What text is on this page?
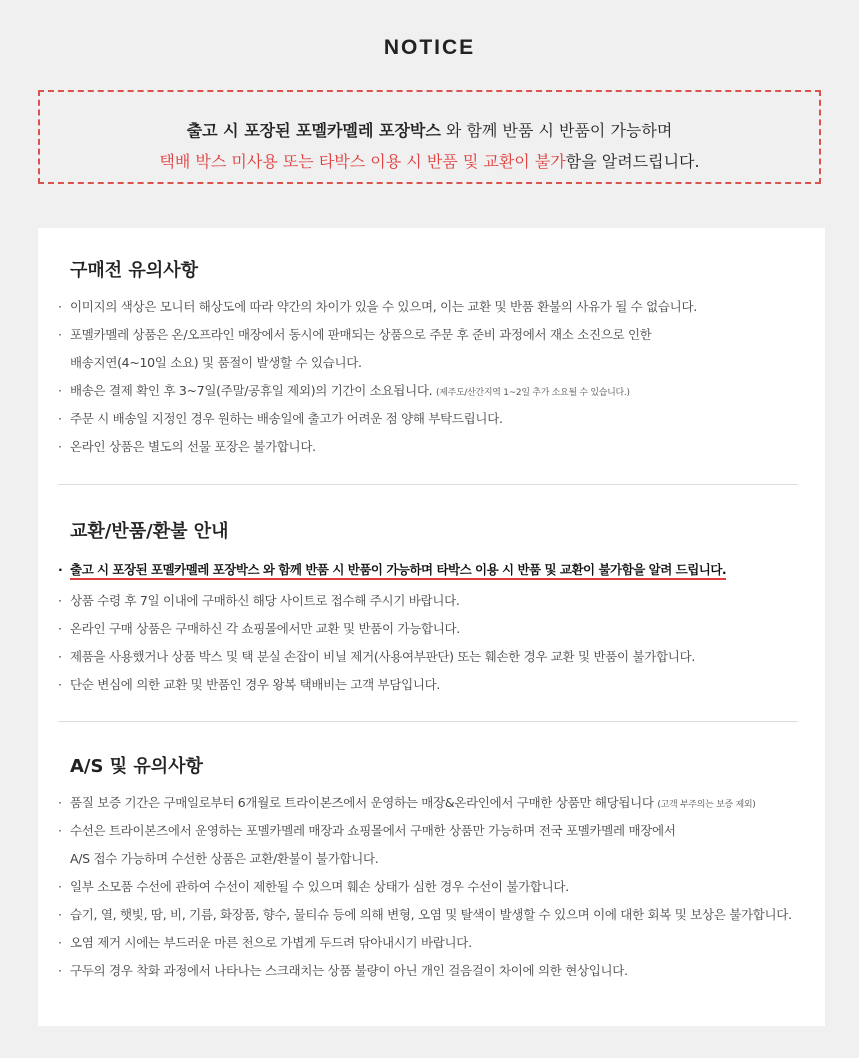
NOTICE
출고 시 포장된 포멜카멜레 포장박스 와 함께 반품 시 반품이 가능하며
택배 박스 미사용 또는 타박스 이용 시 반품 및 교환이 불가함을 알려드립니다.
구매전 유의사항
· 이미지의 색상은 모니터 해상도에 따라 약간의 차이가 있을 수 있으며, 이는 교환 및 반품 환불의 사유가 될 수 없습니다.
· 포멜카멜레 상품은 온/오프라인 매장에서 동시에 판매되는 상품으로 주문 후 준비 과정에서 재소 소진으로 인한
배송지연(4~10일 소요) 및 품절이 발생할 수 있습니다.
· 배송은 결제 확인 후 3~7일(주말/공휴일 제외)의 기간이 소요됩니다. (제주도/산간지역 1~2일 추가 소요될 수 있습니다.)
· 주문 시 배송일 지정인 경우 원하는 배송일에 출고가 어려운 점 양해 부탁드립니다.
· 온라인 상품은 별도의 선물 포장은 불가합니다.
교환/반품/환불 안내
· 출고 시 포장된 포멜카멜레 포장박스 와 함께 반품 시 반품이 가능하며 타박스 이용 시 반품 및 교환이 불가함을 알려 드립니다.
· 상품 수령 후 7일 이내에 구매하신 해당 사이트로 접수해 주시기 바랍니다.
· 온라인 구매 상품은 구매하신 각 쇼핑몰에서만 교환 및 반품이 가능합니다.
· 제품을 사용했거나 상품 박스 및 택 분실 손잡이 비닐 제거(사용여부판단) 또는 훼손한 경우 교환 및 반품이 불가합니다.
· 단순 변심에 의한 교환 및 반품인 경우 왕복 택배비는 고객 부담입니다.
A/S 및 유의사항
· 품질 보증 기간은 구매일로부터 6개월로 트라이본즈에서 운영하는 매장&온라인에서 구매한 상품만 해당됩니다 (고객 부주의는 보증 제외)
· 수선은 트라이본즈에서 운영하는 포멜카멜레 매장과 쇼핑몰에서 구매한 상품만 가능하며 전국 포멜카멜레 매장에서
A/S 접수 가능하며 수선한 상품은 교환/환불이 불가합니다.
· 일부 소모품 수선에 관하여 수선이 제한될 수 있으며 훼손 상태가 심한 경우 수선이 불가합니다.
· 습기, 열, 햇빛, 땀, 비, 기름, 화장품, 향수, 물티슈 등에 의해 변형, 오염 및 탈색이 발생할 수 있으며 이에 대한 회복 및 보상은 불가합니다.
· 오염 제거 시에는 부드러운 마른 천으로 가볍게 두드려 닦아내시기 바랍니다.
· 구두의 경우 착화 과정에서 나타나는 스크래치는 상품 불량이 아닌 개인 걸음걸이 차이에 의한 현상입니다.
